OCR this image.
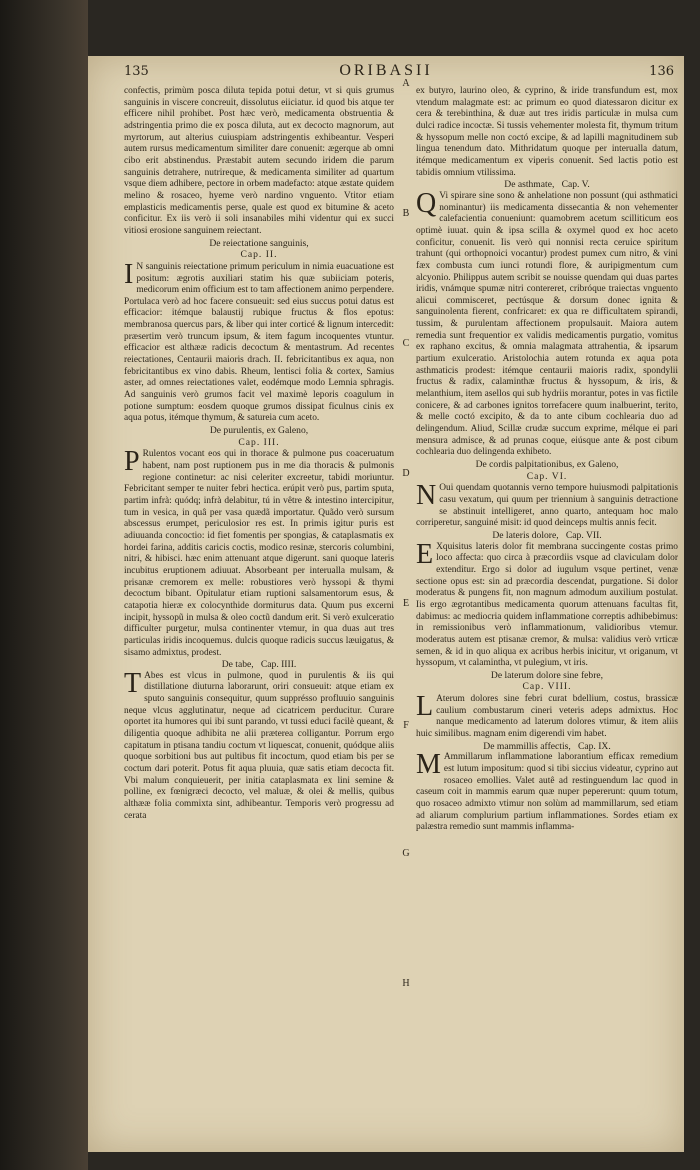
135	ORIBASII	136
A
B
C
D
E
F
G
H

confectis, primùm posca diluta tepida potui detur, vt si quis grumus sanguinis in viscere concreuit, dissolutus eiiciatur. id quod bis atque ter efficere nihil prohibet. Post hæc verò, medicamenta obstruentia & adstringentia primo die ex posca diluta, aut ex decocto magnorum, aut myrtorum, aut alterius cuiuspiam adstringentis exhibeantur. Vesperi autem rursus medicamentum similiter dare conuenit: ægerque ab omni cibo erit abstinendus. Præstabit autem secundo iridem die parum sanguinis detrahere, nutrireque, & medicamenta similiter ad quartum vsque diem adhibere, pectore in orbem madefacto: atque æstate quidem melino & rosaceo, hyeme verò nardino vnguento. Vtitor etiam emplasticis medicamentis perse, quale est quod ex bitumine & aceto conficitur. Ex iis verò ii soli insanabiles mihi videntur qui ex succi vitiosi erosione sanguinem reiectant.

De reiectatione sanguinis,

Cap. II.

I N sanguinis reiectatione primum periculum in nimia euacuatione est positum: ægrotis auxiliari statim his quæ subiiciam poteris, medicorum enim officium est to tam affectionem animo perpendere. Portulaca verò ad hoc facere consueuit: sed eius succus potui datus est efficacior: itémque balaustij rubique fructus & flos epotus: membranosa quercus pars, & liber qui inter corticé & lignum intercedit: præsertim verò truncum ipsum, & item fagum incoquentes vtuntur. efficacior est althææ radicis decoctum & mentastrum. Ad recentes reiectationes, Centaurii maioris drach. II. febricitantibus ex aqua, non febricitantibus ex vino dabis. Rheum, lentisci folia & cortex, Samius aster, ad omnes reiectationes valet, eodémque modo Lemnia sphragis. Ad sanguinis verò grumos facit vel maximè leporis coagulum in potione sumptum: eosdem quoque grumos dissipat ficulnus cinis ex aqua potus, itémque thymum, & satureia cum aceto.

De purulentis, ex Galeno,

Cap. III.

P Rulentos vocant eos qui in thorace & pulmone pus coaceruatum habent, nam post ruptionem pus in me dia thoracis & pulmonis regione continetur: ac nisi celeriter excreetur, tabidi moriuntur. Febricitant semper te nuiter febri hectica. erúpit verò pus, partim sputa, partim infrà: quódq; infrà delabitur, tú in vêtre & intestino intercipitur, tum in vesica, in quâ per vasa quædã importatur. Quãdo verò sursum abscessus erumpet, periculosior res est. In primis igitur puris est adiuuanda concoctio: id fiet fomentis per spongias, & cataplasmatis ex hordei farina, additis caricis coctis, modico resinæ, stercoris columbini, nitri, & hibisci. hæc enim attenuant atque digerunt. sani quoque lateris incubitus eruptionem adiuuat. Absorbeant per interualla mulsam, & prisanæ cremorem ex melle: robustiores verò hyssopi & thymi decoctum bibant. Opitulatur etiam ruptioni salsamentorum esus, & catapotia hieræ ex colocynthide dormiturus data. Quum pus excerni incipit, hyssopũ in mulsa & oleo coctũ dandum erit. Si verò exulceratio difficulter purgetur, mulsa continenter vtemur, in qua duas aut tres particulas iridis incoquemus. dulcis quoque radicis succus læuigatus, & sisamo admixtus, prodest.

De tabe, Cap. IIII.

T Abes est vlcus in pulmone, quod in purulentis & iis qui distillatione diuturna laborarunt, oriri consueuit: atque etiam ex sputo sanguinis consequitur, quum supprésso profluuio sanguinis neque vlcus agglutinatur, neque ad cicatricem perducitur. Curare oportet ita humores qui ibi sunt parando, vt tussi educi facilè queant, & diligentia quoque adhibita ne alii præterea colligantur. Porrum ergo capitatum in ptisana tandiu coctum vt liquescat, conuenit, quódque aliis quoque sorbitioni bus aut pultibus fit incoctum, quod etiam bis per se coctum dari poterit. Potus fit aqua pluuia, quæ satis etiam decocta fit. Vbi malum conquieuerit, per initia cataplasmata ex lini semine & polline, ex fœnigræci decocto, vel maluæ, & olei & mellis, quibus althææ folia commixta sint, adhibeantur. Temporis verò progressu ad cerata

ex butyro, laurino oleo, & cyprino, & iride transfundum est, mox vtendum malagmate est: ac primum eo quod diatessaron dicitur ex cera & terebinthina, & duæ aut tres iridis particulæ in mulsa cum dulci radice incoctæ. Si tussis vehementer molesta fit, thymum tritum & hyssopum melle non coctó excipe, & ad lapilli magnitudinem sub lingua tenendum dato. Mithridatum quoque per interualla datum, itémque medicamentum ex viperis conuenit. Sed lactis potio est tabidis omnium vtilissima.

De asthmate, Cap. V.

Q Vi spirare sine sono & anhelatione non possunt (qui asthmatici nominantur) iis medicamenta dissecantia & non vehementer calefacientia conueniunt: quamobrem acetum scilliticum eos optimè iuuat. quin & ipsa scilla & oxymel quod ex hoc aceto conficitur, conuenit. Iis verò qui nonnisi recta ceruice spiritum trahunt (qui orthopnoici vocantur) prodest pumex cum nitro, & vini fæx combusta cum iunci rotundi flore, & auripigmentum cum alcyonio. Philippus autem scribit se nouisse quendam qui duas partes iridis, vnámque spumæ nitri contereret, cribróque traiectas vnguento alicui commisceret, pectúsque & dorsum donec ignita & sanguinolenta fierent, confricaret: ex qua re difficultatem spirandi, tussim, & purulentam affectionem propulsauit. Maiora autem remedia sunt frequentior ex validis medicamentis purgatio, vomitus ex raphano excitus, & omnia malagmata attrahentia, & ipsarum partium exulceratio. Aristolochia autem rotunda ex aqua pota asthmaticis prodest: itémque centaurii maioris radix, spondylii fructus & radix, calaminthæ fructus & hyssopum, & iris, & melanthium, item asellos qui sub hydriis morantur, potes in vas fictile conicere, & ad carbones ignitos torrefacere quum inalbuerint, terito, & melle coctó excipito, & da to ante cibum cochlearia duo ad delingendum. Aliud, Scillæ crudæ succum exprime, mélque ei pari mensura admisce, & ad prunas coque, eiúsque ante & post cibum cochlearia duo delingenda exhibeto.

De cordis palpitationibus, ex Galeno,

Cap. VI.

N Oui quendam quotannis verno tempore huiusmodi palpitationis casu vexatum, qui quum per triennium à sanguinis detractione se abstinuit intelligeret, anno quarto, antequam hoc malo corriperetur, sanguiné misit: id quod deinceps multis annis fecit.

De lateris dolore, Cap. VII.

E Xquisitus lateris dolor fit membrana succingente costas primo loco affecta: quo circa à præcordiis vsque ad claviculam dolor extenditur. Ergo si dolor ad iugulum vsque pertinet, venæ sectione opus est: sin ad præcordia descendat, purgatione. Si dolor moderatus & pungens fit, non magnum admodum auxilium postulat. Iis ergo ægrotantibus medicamenta quorum attenuans facultas fit, dabimus: ac mediocria quidem inflammatione correptis adhibebimus: in remissionibus verò inflammationum, validioribus vtemur. moderatus autem est ptisanæ cremor, & mulsa: validius verò vrticæ semen, & id in quo aliqua ex acribus herbis inicitur, vt origanum, vt hyssopum, vt calamintha, vt pulegium, vt iris.

De laterum dolore sine febre,

Cap. VIII.

L Aterum dolores sine febri curat bdellium, costus, brassicæ caulium combustarum cineri veteris adeps admixtus. Hoc nanque medicamento ad laterum dolores vtimur, & item aliis huic similibus. magnam enim digerendi vim habet.

De mammillis affectis, Cap. IX.

M Ammillarum inflammatione laborantium efficax remedium est lutum impositum: quod si tibi siccius videatur, cyprino aut rosaceo emollies. Valet autê ad restinguendum lac quod in caseum coit in mammis earum quæ nuper pepererunt: quum totum, quo rosaceo admixto vtimur non solùm ad mammillarum, sed etiam ad aliarum complurium partium inflammationes. Sordes etiam ex palæstra remedio sunt mammis inflamma-
